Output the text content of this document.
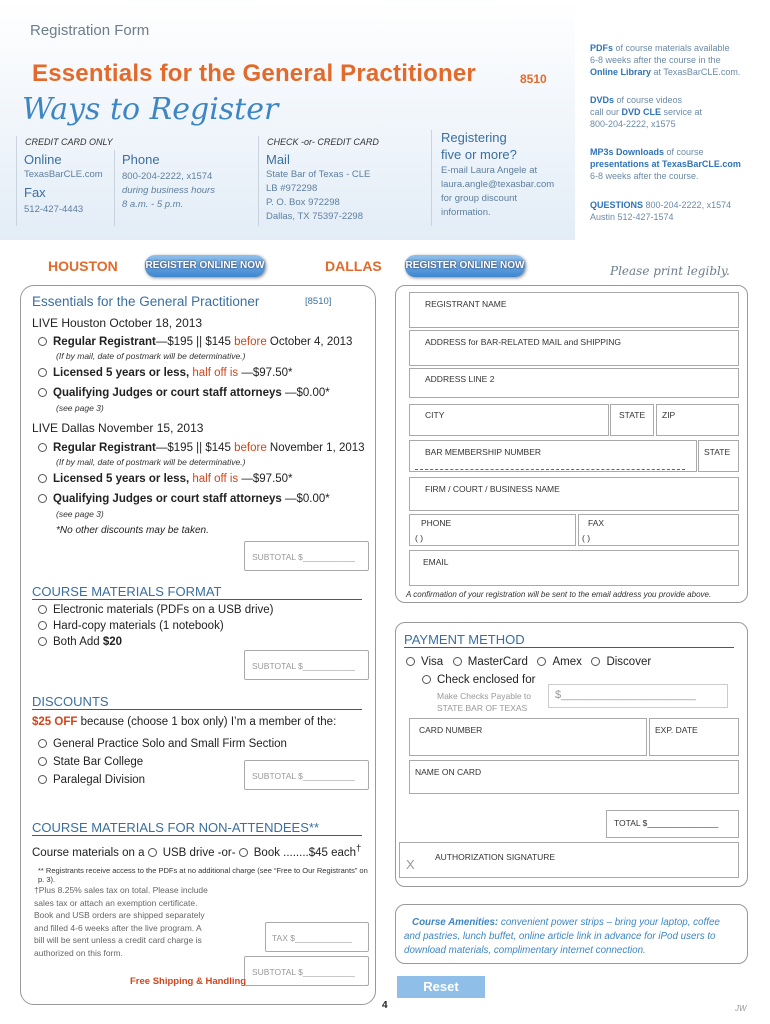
Registration Form
Essentials for the General Practitioner	8510
Ways to Register
CREDIT CARD ONLY
Online
TexasBarCLE.com
Fax
512-427-4443
Phone
800-204-2222, x1574
during business hours
8 a.m. - 5 p.m.
CHECK -or- CREDIT CARD
Mail
State Bar of Texas - CLE
LB #972298
P. O. Box 972298
Dallas, TX 75397-2298
Registering
five or more?
E-mail Laura Angele at
laura.angle@texasbar.com
for group discount
information.
PDFs of course materials available
6-8 weeks after the course in the
Online Library at TexasBarCLE.com.
DVDs of course videos
call our DVD CLE service at
800-204-2222, x1575
MP3s Downloads of course
presentations at TexasBarCLE.com
6-8 weeks after the course.
QUESTIONS 800-204-2222, x1574
Austin 512-427-1574
HOUSTON	REGISTER ONLINE NOW	DALLAS REGISTER ONLINE NOW	Please print legibly.
Essentials for the General Practitioner	[8510]
LIVE Houston October 18, 2013
Regular Registrant—$195 || $145 before October 4, 2013
(If by mail, date of postmark will be determinative.)
Licensed 5 years or less, half off is —$97.50*
Qualifying Judges or court staff attorneys —$0.00*
(see page 3)
LIVE Dallas November 15, 2013
Regular Registrant—$195 || $145 before November 1, 2013
(If by mail, date of postmark will be determinative.)
Licensed 5 years or less, half off is —$97.50*
Qualifying Judges or court staff attorneys —$0.00*
(see page 3)
*No other discounts may be taken.
SUBTOTAL $___________
COURSE MATERIALS FORMAT
Electronic materials (PDFs on a USB drive)
Hard-copy materials (1 notebook)
Both Add $20
SUBTOTAL $___________
DISCOUNTS
$25 OFF because (choose 1 box only) I’m a member of the:
General Practice Solo and Small Firm Section
State Bar College
Paralegal Division	SUBTOTAL $___________
COURSE MATERIALS FOR NON-ATTENDEES**
Course materials on a USB drive -or- Book ........$45 each†
** Registrants receive access to the PDFs at no additional charge (see “Free to Our Registrants” on p. 3).
†Plus 8.25% sales tax on total. Please include
sales tax or attach an exemption certificate.
Book and USB orders are shipped separately
and filled 4-6 weeks after the live program. A
bill will be sent unless a credit card charge is
authorized on this form.
TAX $____________
SUBTOTAL $___________
Free Shipping & Handling
REGISTRANT NAME
ADDRESS for BAR-RELATED MAIL and SHIPPING
ADDRESS LINE 2
CITY	STATE ZIP
BAR MEMBERSHIP NUMBER	STATE
FIRM / COURT / BUSINESS NAME
PHONE
( )
FAX
( )
EMAIL
A confirmation of your registration will be sent to the email address you provide above.
PAYMENT METHOD
Visa MasterCard Amex Discover
Check enclosed for
Make Checks Payable to
STATE BAR OF TEXAS
$______________________
CARD NUMBER	EXP. DATE
NAME ON CARD
TOTAL $_______________
X AUTHORIZATION SIGNATURE
Course Amenities: convenient power strips – bring your laptop, coffee
and pastries, lunch buffet, online article link in advance for iPod users to
download materials, complimentary internet connection.
Reset
4	JW
